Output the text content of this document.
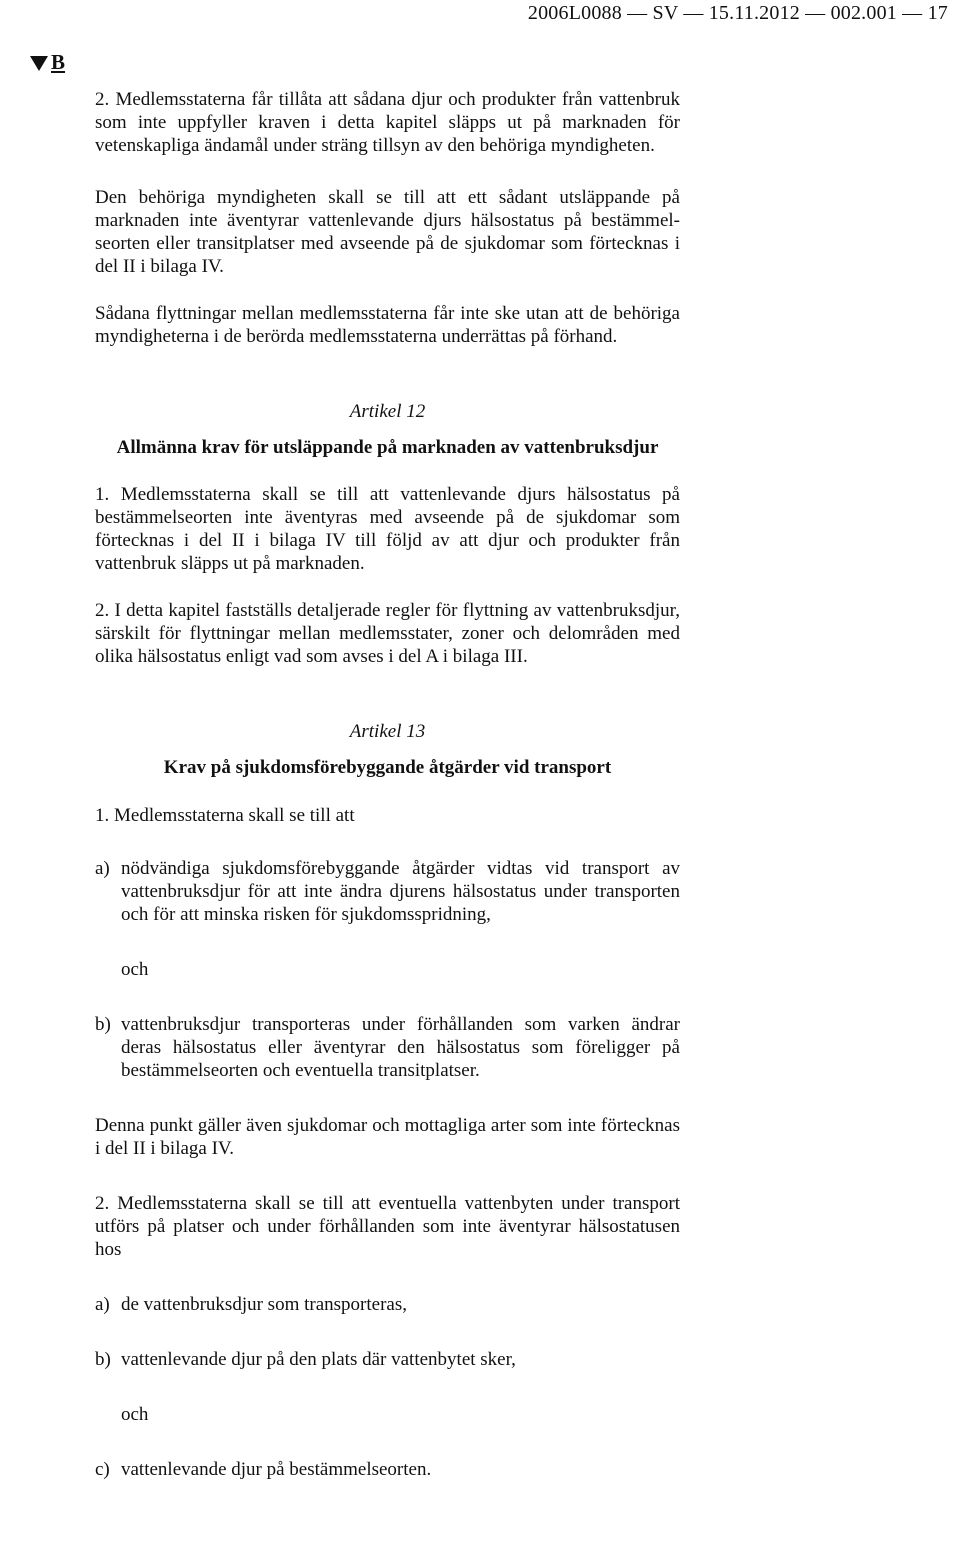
2006L0088 — SV — 15.11.2012 — 002.001 — 17
B

2. Medlemsstaterna får tillåta att sådana djur och produkter från vattenbruk som inte uppfyller kraven i detta kapitel släpps ut på marknaden för vetenskapliga ändamål under sträng tillsyn av den behöriga myndigheten.

Den behöriga myndigheten skall se till att ett sådant utsläppande på marknaden inte äventyrar vattenlevande djurs hälsostatus på bestämmelseorten eller transitplatser med avseende på de sjukdomar som förtecknas i del II i bilaga IV.

Sådana flyttningar mellan medlemsstaterna får inte ske utan att de behöriga myndigheterna i de berörda medlemsstaterna underrättas på förhand.

Artikel 12

Allmänna krav för utsläppande på marknaden av vattenbruksdjur

1. Medlemsstaterna skall se till att vattenlevande djurs hälsostatus på bestämmelseorten inte äventyras med avseende på de sjukdomar som förtecknas i del II i bilaga IV till följd av att djur och produkter från vattenbruk släpps ut på marknaden.

2. I detta kapitel fastställs detaljerade regler för flyttning av vattenbruksdjur, särskilt för flyttningar mellan medlemsstater, zoner och delområden med olika hälsostatus enligt vad som avses i del A i bilaga III.

Artikel 13

Krav på sjukdomsförebyggande åtgärder vid transport

1. Medlemsstaterna skall se till att

a) nödvändiga sjukdomsförebyggande åtgärder vidtas vid transport av vattenbruksdjur för att inte ändra djurens hälsostatus under transporten och för att minska risken för sjukdomsspridning,

och

b) vattenbruksdjur transporteras under förhållanden som varken ändrar deras hälsostatus eller äventyrar den hälsostatus som föreligger på bestämmelseorten och eventuella transitplatser.

Denna punkt gäller även sjukdomar och mottagliga arter som inte förtecknas i del II i bilaga IV.

2. Medlemsstaterna skall se till att eventuella vattenbyten under transport utförs på platser och under förhållanden som inte äventyrar hälsostatusen hos

a) de vattenbruksdjur som transporteras,
b) vattenlevande djur på den plats där vattenbytet sker,

och

c) vattenlevande djur på bestämmelseorten.
